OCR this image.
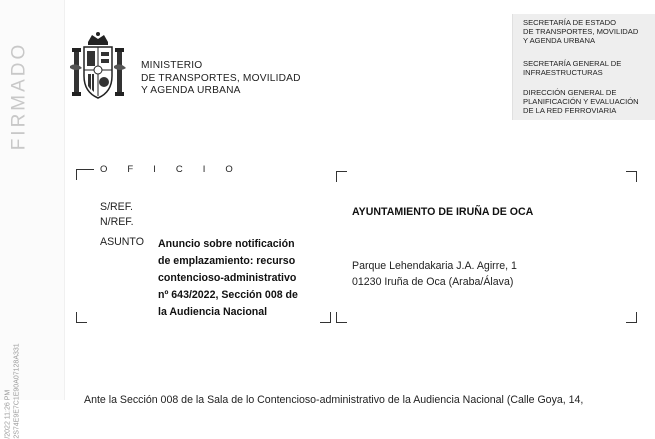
FIRMADO
/2022 11:26 PM 2S74E9E7C1E90A07128A331
MINISTERIO
DE TRANSPORTES, MOVILIDAD
Y AGENDA URBANA
SECRETARÍA DE ESTADO
DE TRANSPORTES, MOVILIDAD
Y AGENDA URBANA
SECRETARÍA GENERAL DE
INFRAESTRUCTURAS
DIRECCIÓN GENERAL DE
PLANIFICACIÓN Y EVALUACIÓN
DE LA RED FERROVIARIA
OFICIO
S/REF.
N/REF.
ASUNTO Anuncio sobre notificación
de emplazamiento: recurso
contencioso-administrativo
nº 643/2022, Sección 008 de
la Audiencia Nacional
AYUNTAMIENTO DE IRUÑA DE OCA
Parque Lehendakaria J.A. Agirre, 1
01230 Iruña de Oca (Araba/Álava)
Ante la Sección 008 de la Sala de lo Contencioso-administrativo de la Audiencia Nacional (Calle Goya, 14,
